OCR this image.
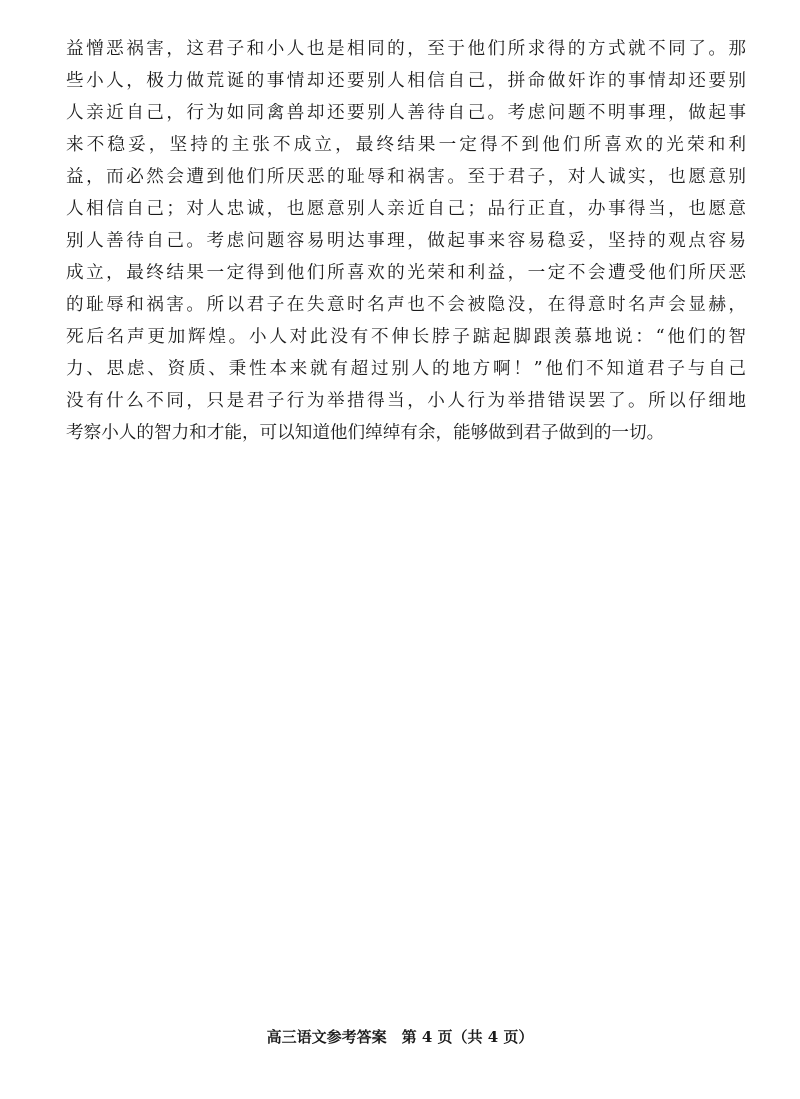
益憎恶祸害，这君子和小人也是相同的，至于他们所求得的方式就不同了。那
些小人，极力做荒诞的事情却还要别人相信自己，拼命做奸诈的事情却还要别
人亲近自己，行为如同禽兽却还要别人善待自己。考虑问题不明事理，做起事
来不稳妥，坚持的主张不成立，最终结果一定得不到他们所喜欢的光荣和利
益，而必然会遭到他们所厌恶的耻辱和祸害。至于君子，对人诚实，也愿意别
人相信自己；对人忠诚，也愿意别人亲近自己；品行正直，办事得当，也愿意
别人善待自己。考虑问题容易明达事理，做起事来容易稳妥，坚持的观点容易
成立，最终结果一定得到他们所喜欢的光荣和利益，一定不会遭受他们所厌恶
的耻辱和祸害。所以君子在失意时名声也不会被隐没，在得意时名声会显赫，
死后名声更加辉煌。小人对此没有不伸长脖子踮起脚跟羡慕地说：“他们的智
力、思虑、资质、秉性本来就有超过别人的地方啊！”他们不知道君子与自己
没有什么不同，只是君子行为举措得当，小人行为举措错误罢了。所以仔细地
考察小人的智力和才能，可以知道他们绰绰有余，能够做到君子做到的一切。
高三语文参考答案　第 4 页（共 4 页）
